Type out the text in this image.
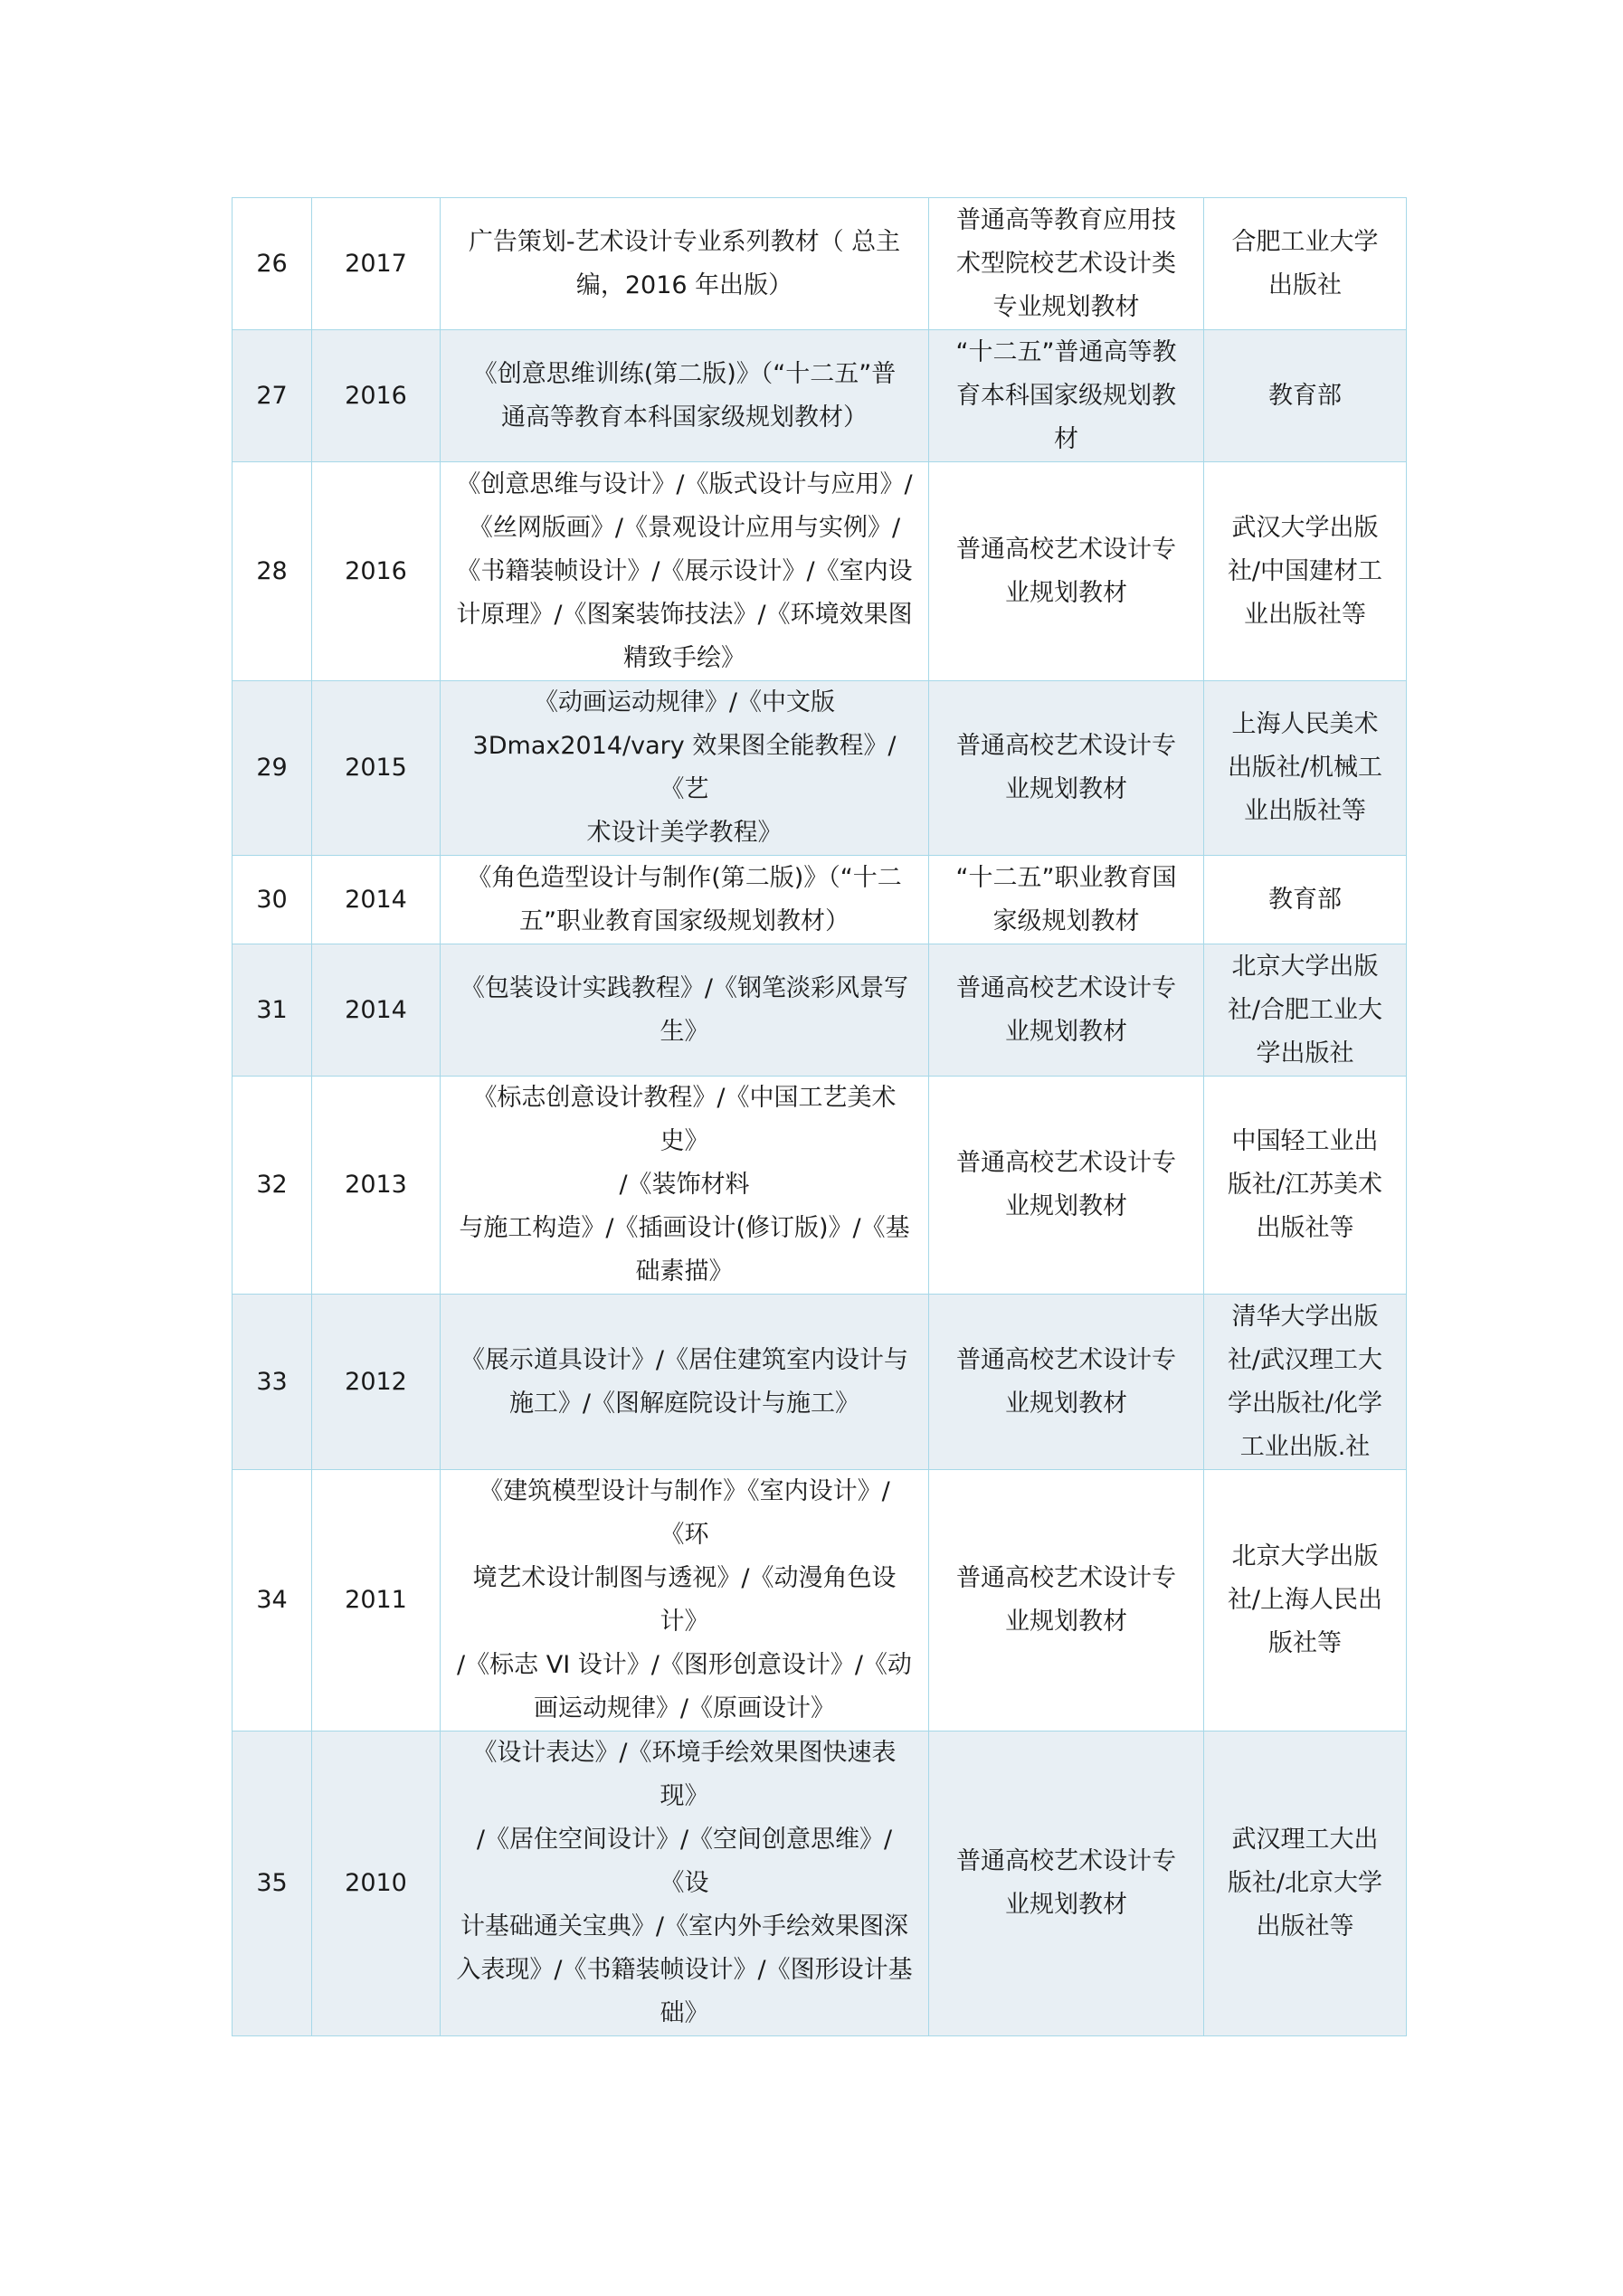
26	2017	广告策划-艺术设计专业系列教材（ 总主
编，2016 年出版）	普通高等教育应用技
术型院校艺术设计类
专业规划教材	合肥工业大学
出版社

27	2016	《创意思维训练(第二版)》（“十二五”普
通高等教育本科国家级规划教材）	“十二五”普通高等教
育本科国家级规划教
材	教育部

28	2016	《创意思维与设计》/《版式设计与应用》/
《丝网版画》/《景观设计应用与实例》/
《书籍装帧设计》/《展示设计》/《室内设
计原理》/《图案装饰技法》/《环境效果图
精致手绘》	普通高校艺术设计专
业规划教材	武汉大学出版
社/中国建材工
业出版社等

29	2015	《动画运动规律》/《中文版
3Dmax2014/vary 效果图全能教程》/《艺
术设计美学教程》	普通高校艺术设计专
业规划教材	上海人民美术
出版社/机械工
业出版社等

30	2014	《角色造型设计与制作(第二版)》（“十二
五”职业教育国家级规划教材）	“十二五”职业教育国
家级规划教材	教育部

31	2014	《包装设计实践教程》/《钢笔淡彩风景写
生》	普通高校艺术设计专
业规划教材	北京大学出版
社/合肥工业大
学出版社

32	2013	《标志创意设计教程》/《中国工艺美术史》
/《装饰材料
与施工构造》/《插画设计(修订版)》/《基
础素描》	普通高校艺术设计专
业规划教材	中国轻工业出
版社/江苏美术
出版社等

33	2012	《展示道具设计》/《居住建筑室内设计与
施工》/《图解庭院设计与施工》	普通高校艺术设计专
业规划教材	清华大学出版
社/武汉理工大
学出版社/化学
工业出版.社

34	2011	《建筑模型设计与制作》《室内设计》/《环
境艺术设计制图与透视》/《动漫角色设计》
/《标志 VI 设计》/《图形创意设计》/《动
画运动规律》/《原画设计》	普通高校艺术设计专
业规划教材	北京大学出版
社/上海人民出
版社等

35	2010	《设计表达》/《环境手绘效果图快速表现》
/《居住空间设计》/《空间创意思维》/《设
计基础通关宝典》/《室内外手绘效果图深
入表现》/《书籍装帧设计》/《图形设计基
础》	普通高校艺术设计专
业规划教材	武汉理工大出
版社/北京大学
出版社等
